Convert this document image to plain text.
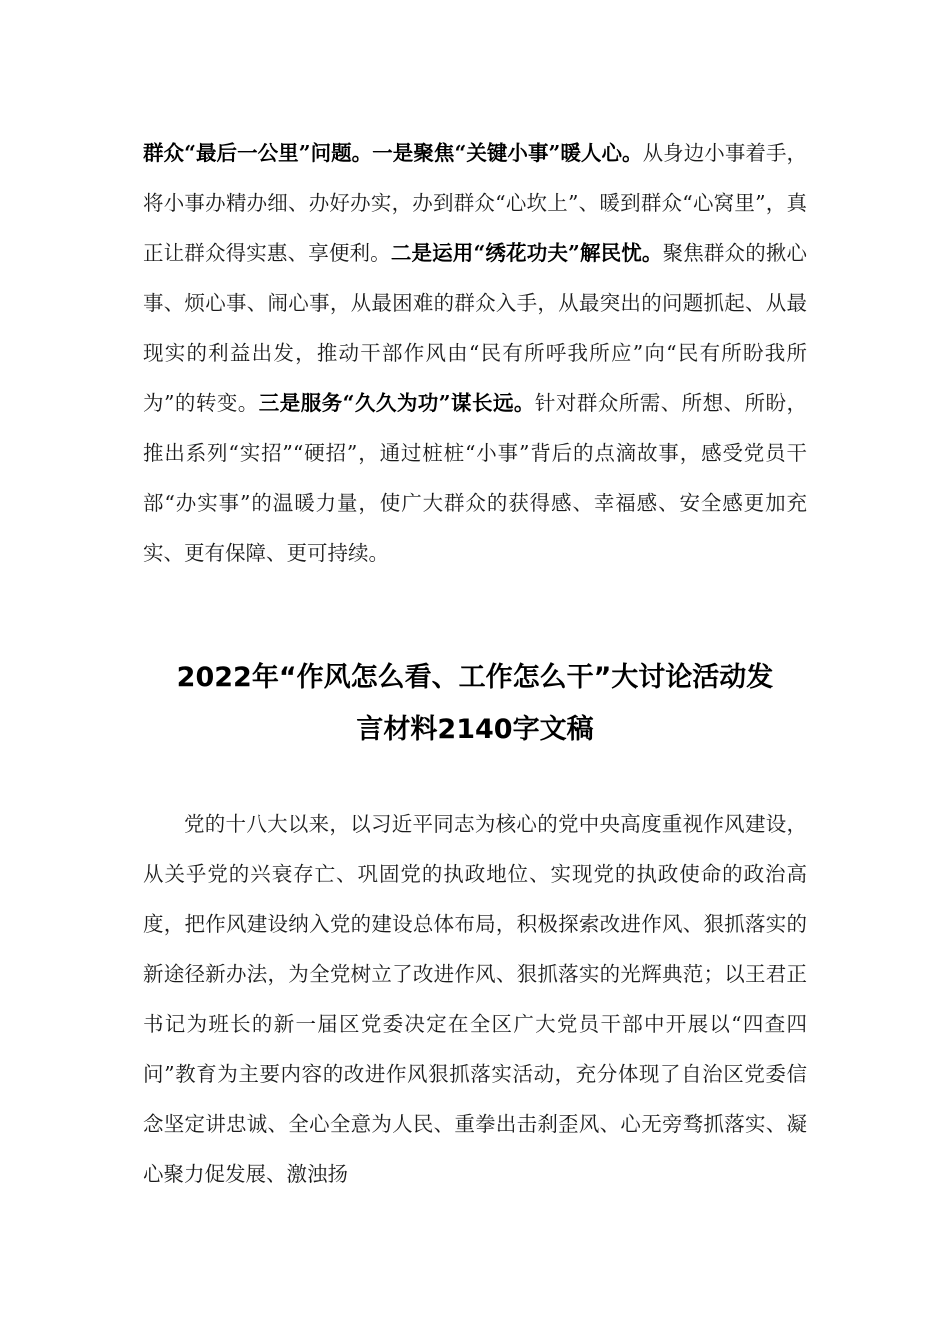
群众“最后一公里”问题。一是聚焦“关键小事”暖人心。从身边小事着手，将小事办精办细、办好办实，办到群众“心坎上”、暖到群众“心窝里”，真正让群众得实惠、享便利。二是运用“绣花功夫”解民忧。聚焦群众的揪心事、烦心事、闹心事，从最困难的群众入手，从最突出的问题抓起、从最现实的利益出发，推动干部作风由“民有所呼我所应”向“民有所盼我所为”的转变。三是服务“久久为功”谋长远。针对群众所需、所想、所盼，推出系列“实招”“硬招”，通过桩桩“小事”背后的点滴故事，感受党员干部“办实事”的温暖力量，使广大群众的获得感、幸福感、安全感更加充实、更有保障、更可持续。

2022年“作风怎么看、工作怎么干”大讨论活动发
言材料2140字文稿

党的十八大以来，以习近平同志为核心的党中央高度重视作风建设，从关乎党的兴衰存亡、巩固党的执政地位、实现党的执政使命的政治高度，把作风建设纳入党的建设总体布局，积极探索改进作风、狠抓落实的新途径新办法，为全党树立了改进作风、狠抓落实的光辉典范；以王君正书记为班长的新一届区党委决定在全区广大党员干部中开展以“四查四问”教育为主要内容的改进作风狠抓落实活动，充分体现了自治区党委信念坚定讲忠诚、全心全意为人民、重拳出击刹歪风、心无旁骛抓落实、凝心聚力促发展、激浊扬
